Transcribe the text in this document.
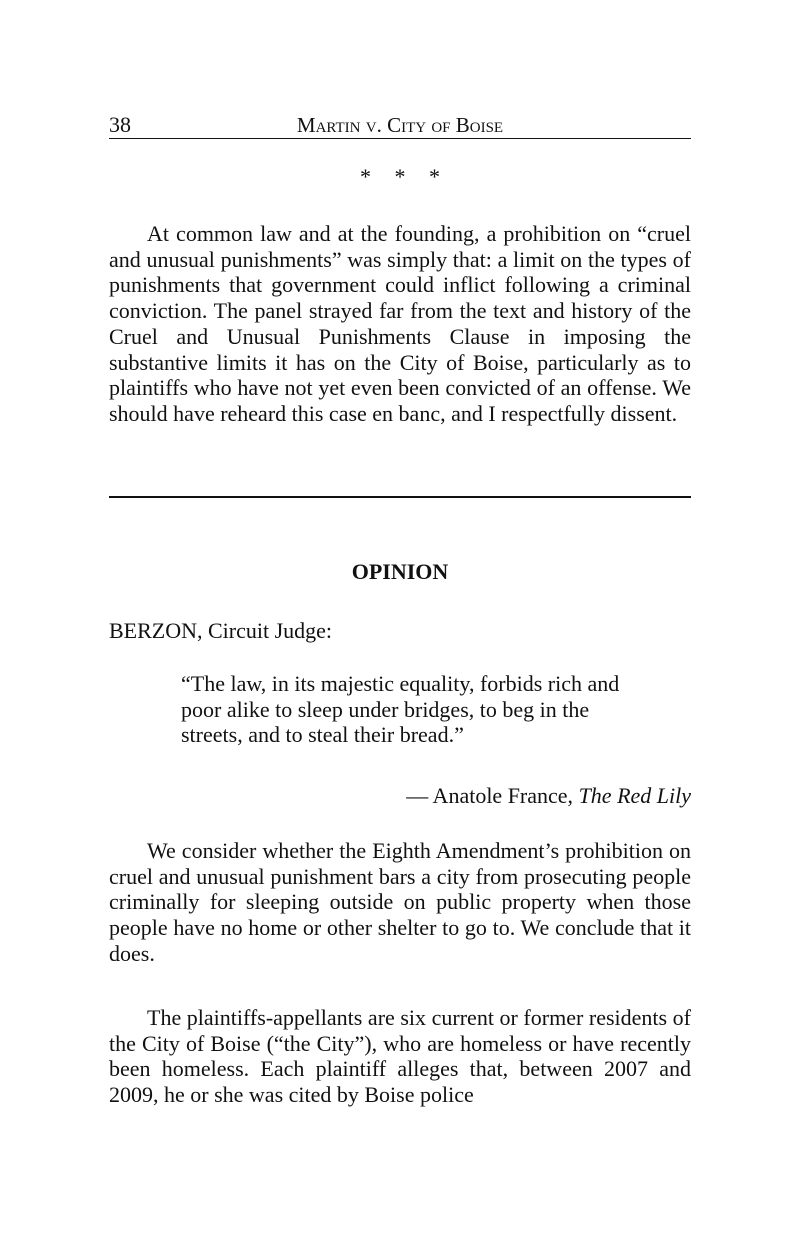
38	Martin v. City of Boise
* * *

At common law and at the founding, a prohibition on “cruel and unusual punishments” was simply that: a limit on the types of punishments that government could inflict following a criminal conviction. The panel strayed far from the text and history of the Cruel and Unusual Punishments Clause in imposing the substantive limits it has on the City of Boise, particularly as to plaintiffs who have not yet even been convicted of an offense. We should have reheard this case en banc, and I respectfully dissent.

OPINION
BERZON, Circuit Judge:

“The law, in its majestic equality, forbids rich and poor alike to sleep under bridges, to beg in the streets, and to steal their bread.”

— Anatole France, The Red Lily

We consider whether the Eighth Amendment’s prohibition on cruel and unusual punishment bars a city from prosecuting people criminally for sleeping outside on public property when those people have no home or other shelter to go to. We conclude that it does.

The plaintiffs-appellants are six current or former residents of the City of Boise (“the City”), who are homeless or have recently been homeless. Each plaintiff alleges that, between 2007 and 2009, he or she was cited by Boise police
